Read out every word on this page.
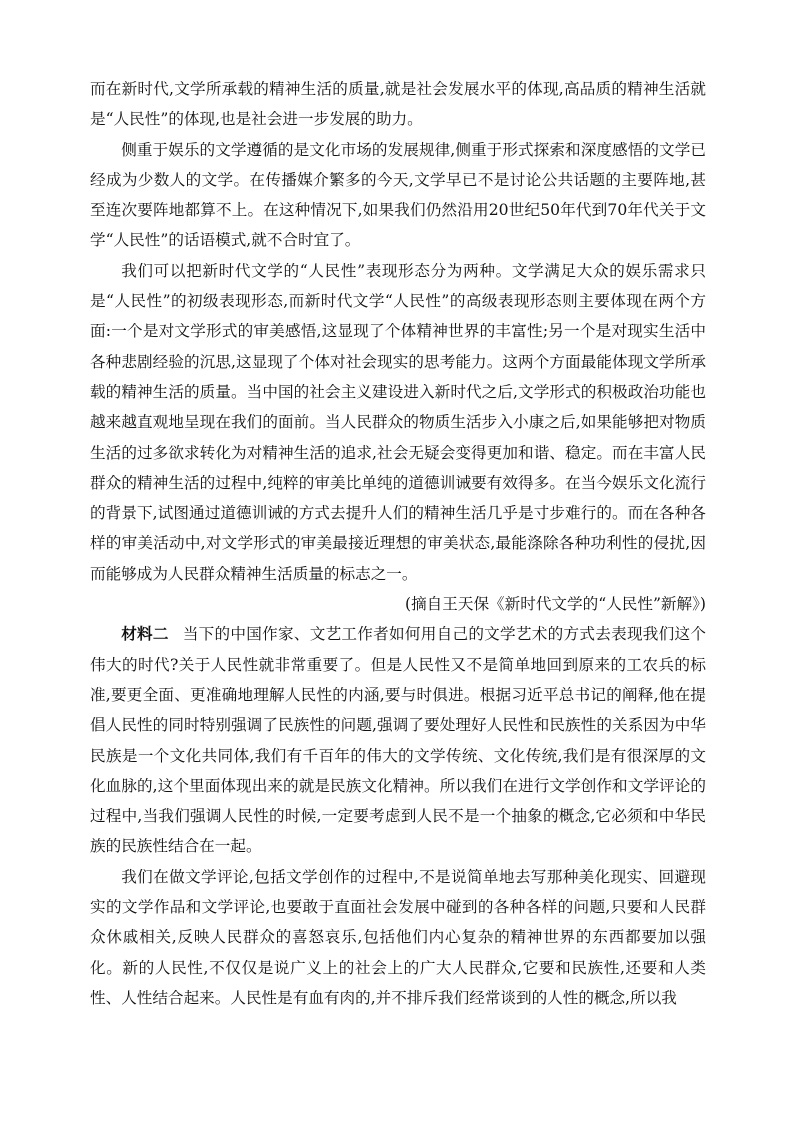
而在新时代,文学所承载的精神生活的质量,就是社会发展水平的体现,高品质的精神生活就是“人民性”的体现,也是社会进一步发展的助力。

侧重于娱乐的文学遵循的是文化市场的发展规律,侧重于形式探索和深度感悟的文学已经成为少数人的文学。在传播媒介繁多的今天,文学早已不是讨论公共话题的主要阵地,甚至连次要阵地都算不上。在这种情况下,如果我们仍然沿用20世纪50年代到70年代关于文学“人民性”的话语模式,就不合时宜了。

我们可以把新时代文学的“人民性”表现形态分为两种。文学满足大众的娱乐需求只是“人民性”的初级表现形态,而新时代文学“人民性”的高级表现形态则主要体现在两个方面:一个是对文学形式的审美感悟,这显现了个体精神世界的丰富性;另一个是对现实生活中各种悲剧经验的沉思,这显现了个体对社会现实的思考能力。这两个方面最能体现文学所承载的精神生活的质量。当中国的社会主义建设进入新时代之后,文学形式的积极政治功能也越来越直观地呈现在我们的面前。当人民群众的物质生活步入小康之后,如果能够把对物质生活的过多欲求转化为对精神生活的追求,社会无疑会变得更加和谐、稳定。而在丰富人民群众的精神生活的过程中,纯粹的审美比单纯的道德训诫要有效得多。在当今娱乐文化流行的背景下,试图通过道德训诫的方式去提升人们的精神生活几乎是寸步难行的。而在各种各样的审美活动中,对文学形式的审美最接近理想的审美状态,最能涤除各种功利性的侵扰,因而能够成为人民群众精神生活质量的标志之一。

(摘自王天保《新时代文学的“人民性”新解》)

材料二 当下的中国作家、文艺工作者如何用自己的文学艺术的方式去表现我们这个伟大的时代?关于人民性就非常重要了。但是人民性又不是简单地回到原来的工农兵的标准,要更全面、更准确地理解人民性的内涵,要与时俱进。根据习近平总书记的阐释,他在提倡人民性的同时特别强调了民族性的问题,强调了要处理好人民性和民族性的关系因为中华民族是一个文化共同体,我们有千百年的伟大的文学传统、文化传统,我们是有很深厚的文化血脉的,这个里面体现出来的就是民族文化精神。所以我们在进行文学创作和文学评论的过程中,当我们强调人民性的时候,一定要考虑到人民不是一个抽象的概念,它必须和中华民族的民族性结合在一起。

我们在做文学评论,包括文学创作的过程中,不是说简单地去写那种美化现实、回避现实的文学作品和文学评论,也要敢于直面社会发展中碰到的各种各样的问题,只要和人民群众休戚相关,反映人民群众的喜怒哀乐,包括他们内心复杂的精神世界的东西都要加以强化。新的人民性,不仅仅是说广义上的社会上的广大人民群众,它要和民族性,还要和人类性、人性结合起来。人民性是有血有肉的,并不排斥我们经常谈到的人性的概念,所以我
